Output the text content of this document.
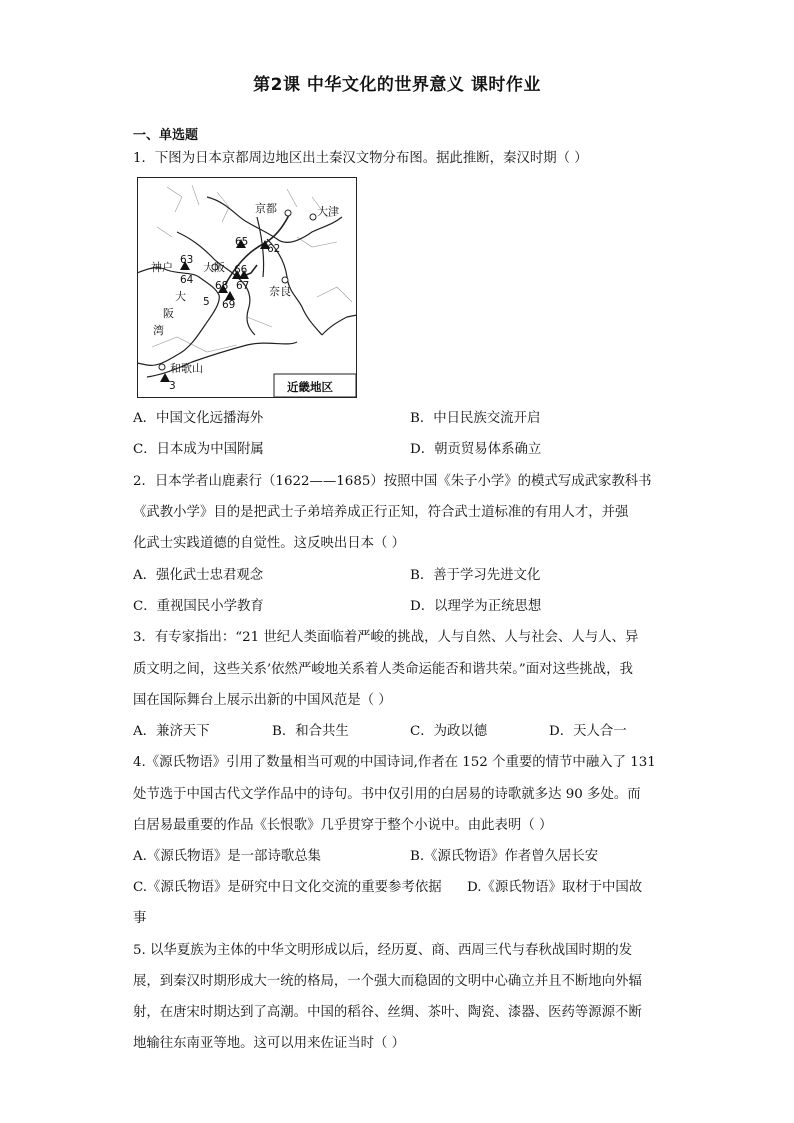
第2课 中华文化的世界意义 课时作业
一、单选题
1．下图为日本京都周边地区出土秦汉文物分布图。据此推断，秦汉时期（ ）
京都	大津
神户	大阪
奈良
和歌山
大
阪
湾
62
63
64
65
66
67
68
69
5
3	近畿地区
A．中国文化远播海外	B．中日民族交流开启
C．日本成为中国附属	D．朝贡贸易体系确立
2．日本学者山鹿素行（1622——1685）按照中国《朱子小学》的模式写成武家教科书
《武教小学》目的是把武士子弟培养成正行正知，符合武士道标准的有用人才，并强
化武士实践道德的自觉性。这反映出日本（ ）
A．强化武士忠君观念	B．善于学习先进文化
C．重视国民小学教育	D．以理学为正统思想
3．有专家指出：“21 世纪人类面临着严峻的挑战，人与自然、人与社会、人与人、异
质文明之间，这些关系’依然严峻地关系着人类命运能否和谐共荣。”面对这些挑战，我
国在国际舞台上展示出新的中国风范是（ ）
A．兼济天下	B．和合共生	C．为政以德	D．天人合一
4.《源氏物语》引用了数量相当可观的中国诗词,作者在 152 个重要的情节中融入了 131
处节选于中国古代文学作品中的诗句。书中仅引用的白居易的诗歌就多达 90 多处。而
白居易最重要的作品《长恨歌》几乎贯穿于整个小说中。由此表明（ ）
A.《源氏物语》是一部诗歌总集	B.《源氏物语》作者曾久居长安
C.《源氏物语》是研究中日文化交流的重要参考依据 D.《源氏物语》取材于中国故
事
5. 以华夏族为主体的中华文明形成以后，经历夏、商、西周三代与春秋战国时期的发
展，到秦汉时期形成大一统的格局，一个强大而稳固的文明中心确立并且不断地向外辐
射，在唐宋时期达到了高潮。中国的稻谷、丝绸、茶叶、陶瓷、漆器、医药等源源不断
地输往东南亚等地。这可以用来佐证当时（ ）
